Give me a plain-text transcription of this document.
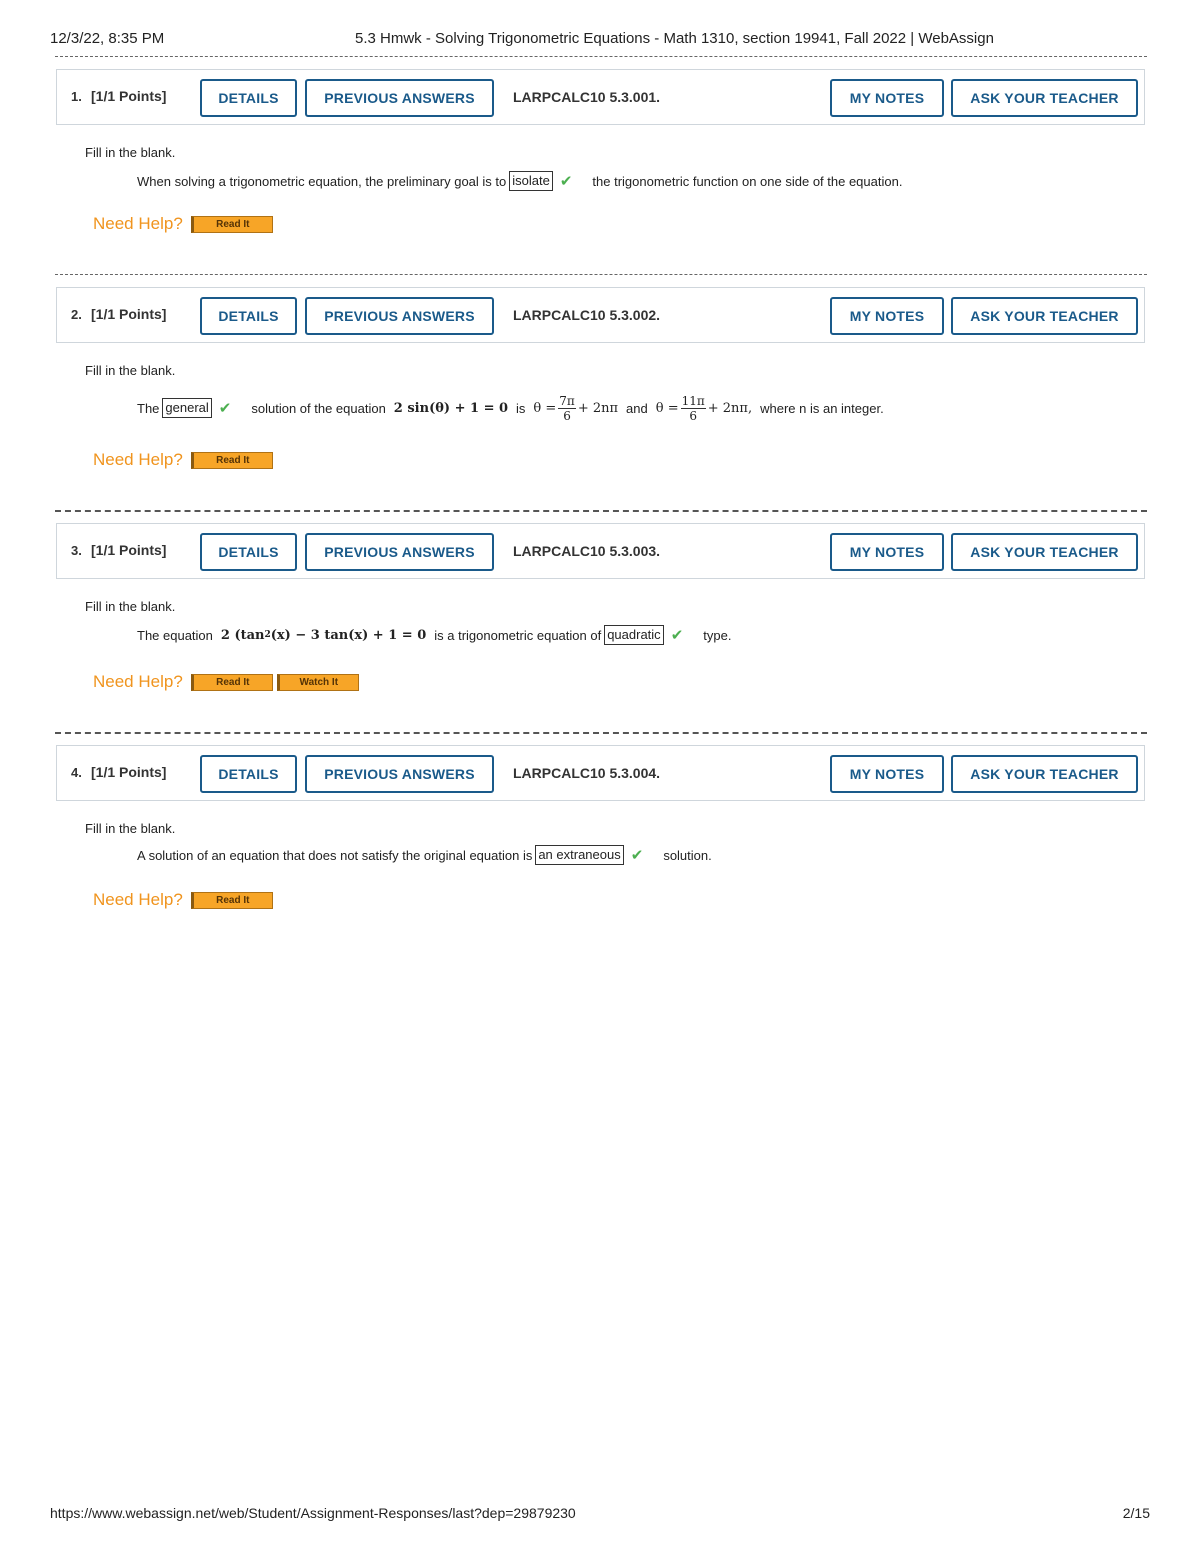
12/3/22, 8:35 PM	5.3 Hmwk - Solving Trigonometric Equations - Math 1310, section 19941, Fall 2022 | WebAssign
1. [1/1 Points]	DETAILS	PREVIOUS ANSWERS	LARPCALC10 5.3.001.	MY NOTES	ASK YOUR TEACHER
Fill in the blank.
When solving a trigonometric equation, the preliminary goal is to isolate ✔ the trigonometric function on one side of the equation.
Need Help?	Read It
2. [1/1 Points]	DETAILS	PREVIOUS ANSWERS	LARPCALC10 5.3.002.	MY NOTES	ASK YOUR TEACHER
Fill in the blank.
The general ✔ solution of the equation 2 sin(θ) + 1 = 0 is $\theta = \frac{7\pi}{6} + 2n\pi$ and $\theta = \frac{11\pi}{6} + 2n\pi$, where n is an integer.
Need Help?	Read It
3. [1/1 Points]	DETAILS	PREVIOUS ANSWERS	LARPCALC10 5.3.003.	MY NOTES	ASK YOUR TEACHER
Fill in the blank.
The equation 2 (tan 2 (x) − 3 tan(x) + 1 = 0 is a trigonometric equation of quadratic ✔ type.
Need Help?	Read It	Watch It
4. [1/1 Points]	DETAILS	PREVIOUS ANSWERS	LARPCALC10 5.3.004.	MY NOTES	ASK YOUR TEACHER
Fill in the blank.
A solution of an equation that does not satisfy the original equation is an extraneous ✔ solution.
Need Help?	Read It
https://www.webassign.net/web/Student/Assignment-Responses/last?dep=29879230	2/15
